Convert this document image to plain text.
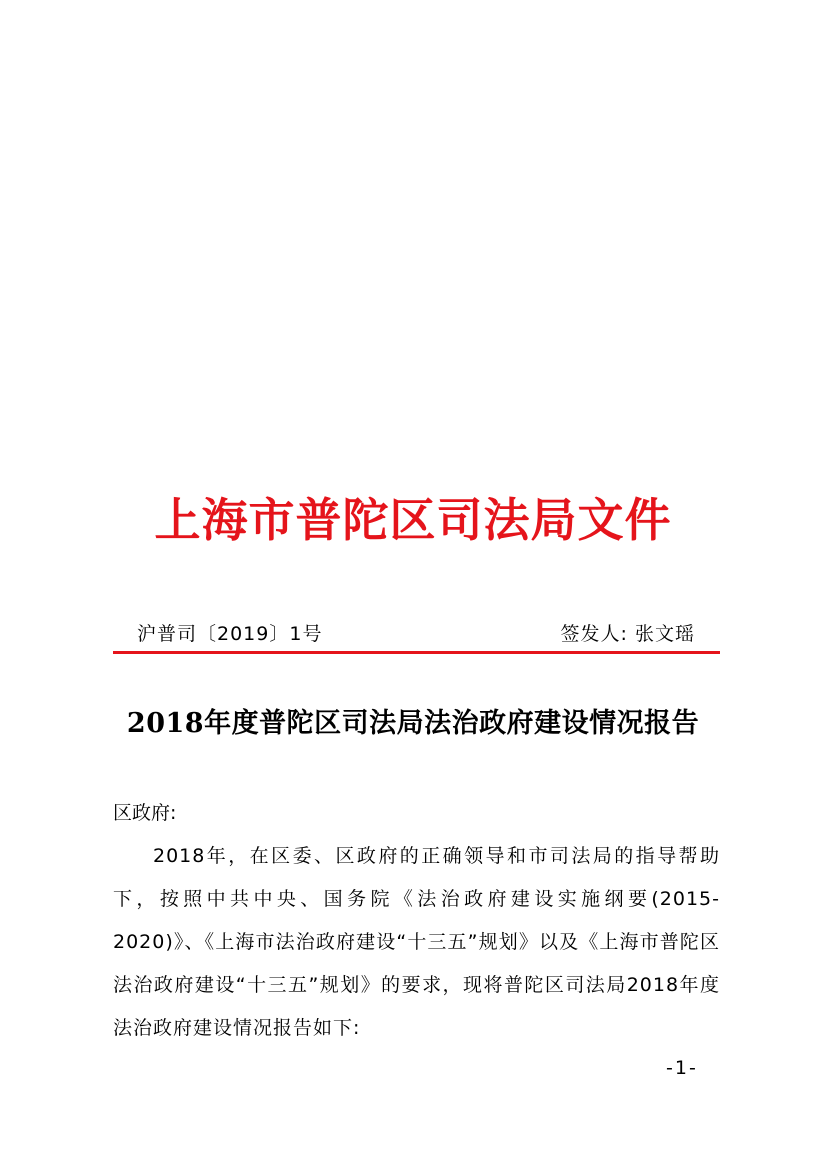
上海市普陀区司法局文件
沪普司〔2019〕1号	签发人: 张文瑶
2018年度普陀区司法局法治政府建设情况报告

区政府:

2018年，在区委、区政府的正确领导和市司法局的指导帮助下，按照中共中央、国务院《法治政府建设实施纲要(2015-2020)》、《上海市法治政府建设“十三五”规划》以及《上海市普陀区法治政府建设“十三五”规划》的要求，现将普陀区司法局2018年度法治政府建设情况报告如下:

-1-
